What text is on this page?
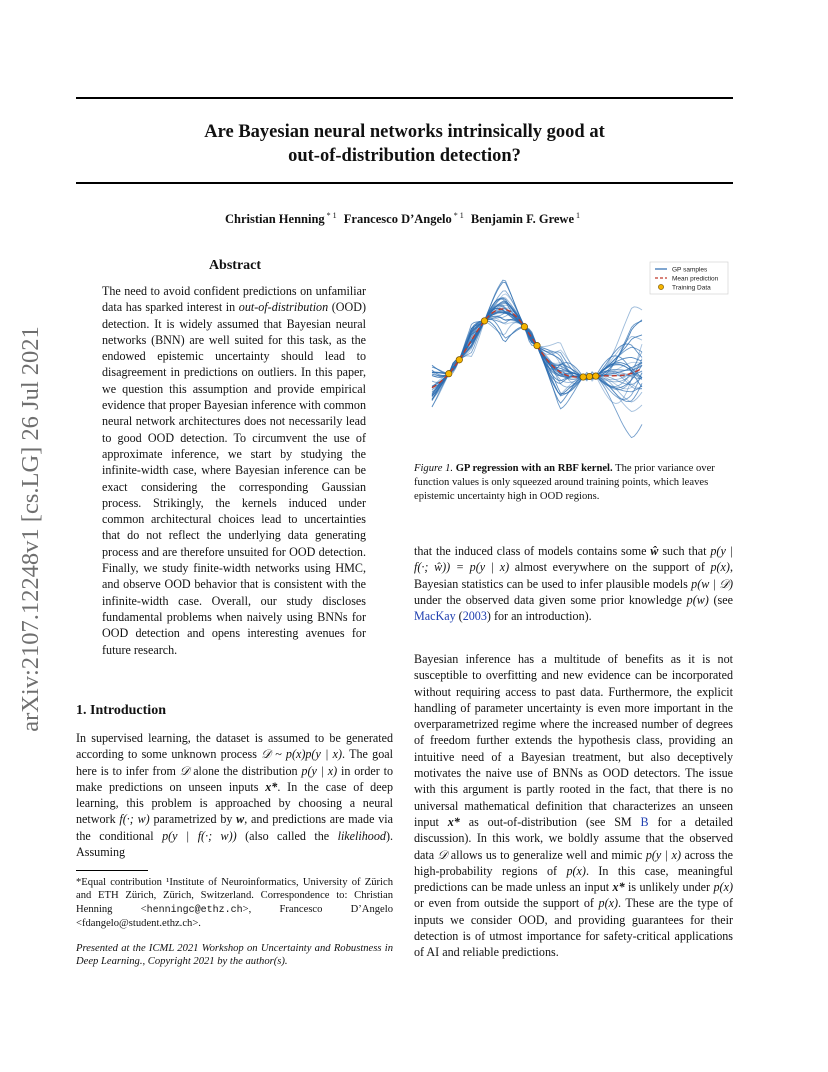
arXiv:2107.12248v1 [cs.LG] 26 Jul 2021
Are Bayesian neural networks intrinsically good at
out-of-distribution detection?
Christian Henning $^{* 1}$ Francesco D’Angelo $^{* 1}$ Benjamin F. Grewe $^1$
Abstract

The need to avoid confident predictions on unfamiliar data has sparked interest in out-of-distribution (OOD) detection. It is widely assumed that Bayesian neural networks (BNN) are well suited for this task, as the endowed epistemic uncertainty should lead to disagreement in predictions on outliers. In this paper, we question this assumption and provide empirical evidence that proper Bayesian inference with common neural network architectures does not necessarily lead to good OOD detection. To circumvent the use of approximate inference, we start by studying the infinite-width case, where Bayesian inference can be exact considering the corresponding Gaussian process. Strikingly, the kernels induced under common architectural choices lead to uncertainties that do not reflect the underlying data generating process and are therefore unsuited for OOD detection. Finally, we study finite-width networks using HMC, and observe OOD behavior that is consistent with the infinite-width case. Overall, our study discloses fundamental problems when naively using BNNs for OOD detection and opens interesting avenues for future research.

1. Introduction

In supervised learning, the dataset is assumed to be generated according to some unknown process 𝒟 ~ p(x)p(y | x). The goal here is to infer from 𝒟 alone the distribution p(y | x) in order to make predictions on unseen inputs x*. In the case of deep learning, this problem is approached by choosing a neural network f(·; w) parametrized by w, and predictions are made via the conditional p(y | f(·; w)) (also called the likelihood). Assuming

*Equal contribution ¹Institute of Neuroinformatics, University of Zürich and ETH Zürich, Zürich, Switzerland. Correspondence to: Christian Henning <henningc@ethz.ch>, Francesco D’Angelo <fdangelo@student.ethz.ch>.

Presented at the ICML 2021 Workshop on Uncertainty and Robustness in Deep Learning., Copyright 2021 by the author(s).

GP samples
Mean prediction
Training Data

Figure 1. GP regression with an RBF kernel. The prior variance over function values is only squeezed around training points, which leaves epistemic uncertainty high in OOD regions.

that the induced class of models contains some ŵ such that p(y | f(·; ŵ)) = p(y | x) almost everywhere on the support of p(x), Bayesian statistics can be used to infer plausible models p(w | 𝒟) under the observed data given some prior knowledge p(w) (see MacKay (2003) for an introduction).

Bayesian inference has a multitude of benefits as it is not susceptible to overfitting and new evidence can be incorporated without requiring access to past data. Furthermore, the explicit handling of parameter uncertainty is even more important in the overparametrized regime where the increased number of degrees of freedom further extends the hypothesis class, providing an intuitive need of a Bayesian treatment, but also deceptively motivates the naive use of BNNs as OOD detectors. The issue with this argument is partly rooted in the fact, that there is no universal mathematical definition that characterizes an unseen input x* as out-of-distribution (see SM B for a detailed discussion). In this work, we boldly assume that the observed data 𝒟 allows us to generalize well and mimic p(y | x) across the high-probability regions of p(x). In this case, meaningful predictions can be made unless an input x* is unlikely under p(x) or even from outside the support of p(x). These are the type of inputs we consider OOD, and providing guarantees for their detection is of utmost importance for safety-critical applications of AI and reliable predictions.
